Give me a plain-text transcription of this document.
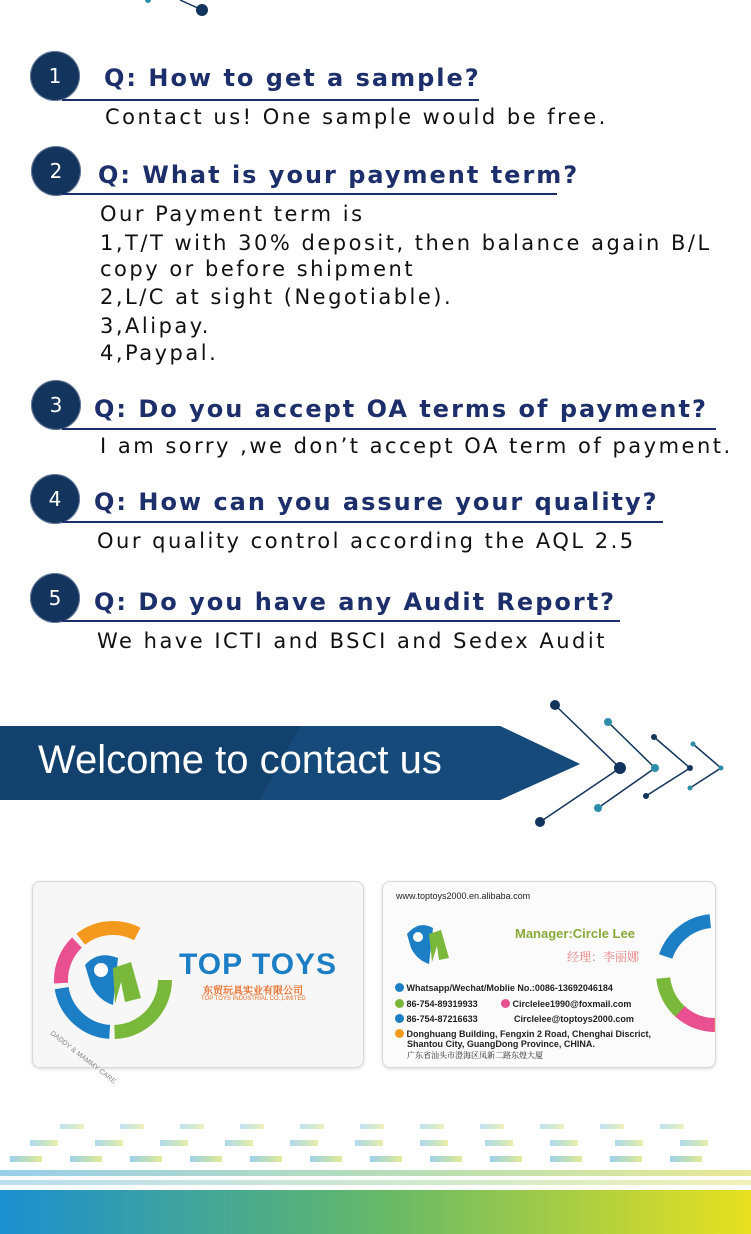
1	Q: How to get a sample?
Contact us! One sample would be free.
2	Q: What is your payment term?
Our Payment term is
1,T/T with 30% deposit, then balance again B/L
copy or before shipment
2,L/C at sight (Negotiable).
3,Alipay.
4,Paypal.
3	Q: Do you accept OA terms of payment?
I am sorry ,we don’t accept OA term of payment.
4	Q: How can you assure your quality?
Our quality control according the AQL 2.5
5	Q: Do you have any Audit Report?
We have ICTI and BSCI and Sedex Audit
Welcome to contact us
DADDY & MAMMY CARE
TOP TOYS
东贸玩具实业有限公司
TOP TOYS INDUSTRIAL CO.,LIMITED
www.toptoys2000.en.alibaba.com
Manager:Circle Lee
经理：李丽娜
Whatsapp/Wechat/Moblie No.:0086-13692046184
86-754-89319933	Circlelee1990@foxmail.com
86-754-87216633	Circlelee@toptoys2000.com
Donghuang Building, Fengxin 2 Road, Chenghai Discrict,
Shantou City, GuangDong Province, CHINA.
广东省汕头市澄海区凤新二路东煌大厦
